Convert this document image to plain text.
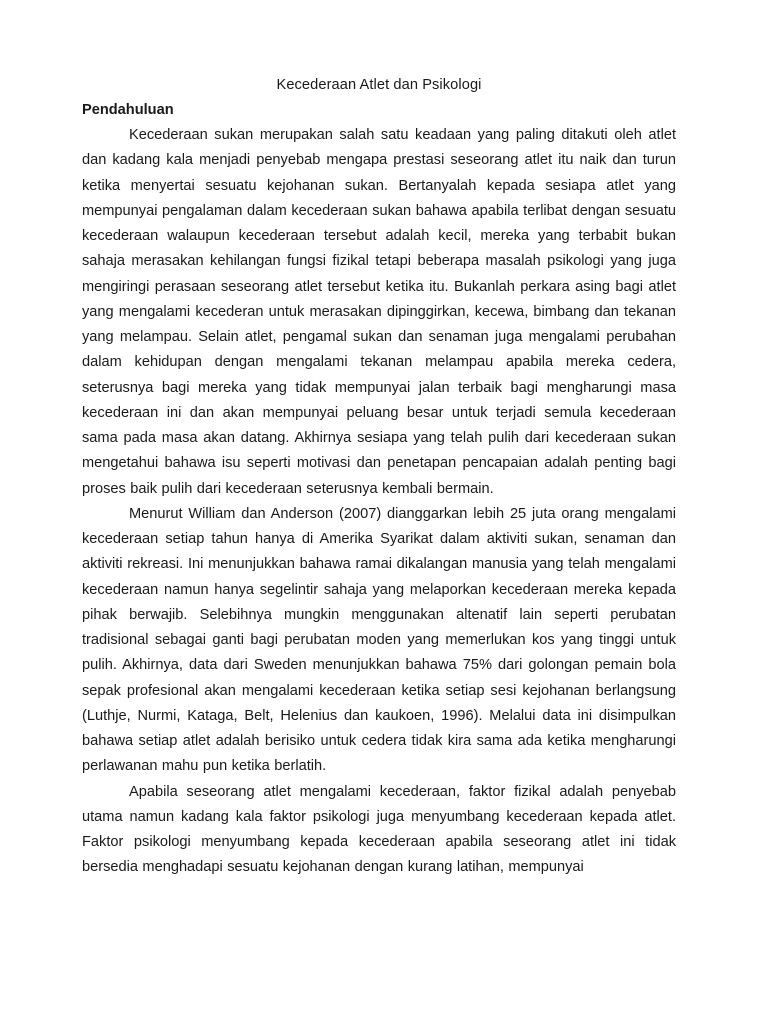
Kecederaan Atlet dan Psikologi
Pendahuluan

Kecederaan sukan merupakan salah satu keadaan yang paling ditakuti oleh atlet dan kadang kala menjadi penyebab mengapa prestasi seseorang atlet itu naik dan turun ketika menyertai sesuatu kejohanan sukan. Bertanyalah kepada sesiapa atlet yang mempunyai pengalaman dalam kecederaan sukan bahawa apabila terlibat dengan sesuatu kecederaan walaupun kecederaan tersebut adalah kecil, mereka yang terbabit bukan sahaja merasakan kehilangan fungsi fizikal tetapi beberapa masalah psikologi yang juga mengiringi perasaan seseorang atlet tersebut ketika itu. Bukanlah perkara asing bagi atlet yang mengalami kecederan untuk merasakan dipinggirkan, kecewa, bimbang dan tekanan yang melampau. Selain atlet, pengamal sukan dan senaman juga mengalami perubahan dalam kehidupan dengan mengalami tekanan melampau apabila mereka cedera, seterusnya bagi mereka yang tidak mempunyai jalan terbaik bagi mengharungi masa kecederaan ini dan akan mempunyai peluang besar untuk terjadi semula kecederaan sama pada masa akan datang. Akhirnya sesiapa yang telah pulih dari kecederaan sukan mengetahui bahawa isu seperti motivasi dan penetapan pencapaian adalah penting bagi proses baik pulih dari kecederaan seterusnya kembali bermain.

Menurut William dan Anderson (2007) dianggarkan lebih 25 juta orang mengalami kecederaan setiap tahun hanya di Amerika Syarikat dalam aktiviti sukan, senaman dan aktiviti rekreasi. Ini menunjukkan bahawa ramai dikalangan manusia yang telah mengalami kecederaan namun hanya segelintir sahaja yang melaporkan kecederaan mereka kepada pihak berwajib. Selebihnya mungkin menggunakan altenatif lain seperti perubatan tradisional sebagai ganti bagi perubatan moden yang memerlukan kos yang tinggi untuk pulih. Akhirnya, data dari Sweden menunjukkan bahawa 75% dari golongan pemain bola sepak profesional akan mengalami kecederaan ketika setiap sesi kejohanan berlangsung (Luthje, Nurmi, Kataga, Belt, Helenius dan kaukoen, 1996). Melalui data ini disimpulkan bahawa setiap atlet adalah berisiko untuk cedera tidak kira sama ada ketika mengharungi perlawanan mahu pun ketika berlatih.

Apabila seseorang atlet mengalami kecederaan, faktor fizikal adalah penyebab utama namun kadang kala faktor psikologi juga menyumbang kecederaan kepada atlet. Faktor psikologi menyumbang kepada kecederaan apabila seseorang atlet ini tidak bersedia menghadapi sesuatu kejohanan dengan kurang latihan, mempunyai
